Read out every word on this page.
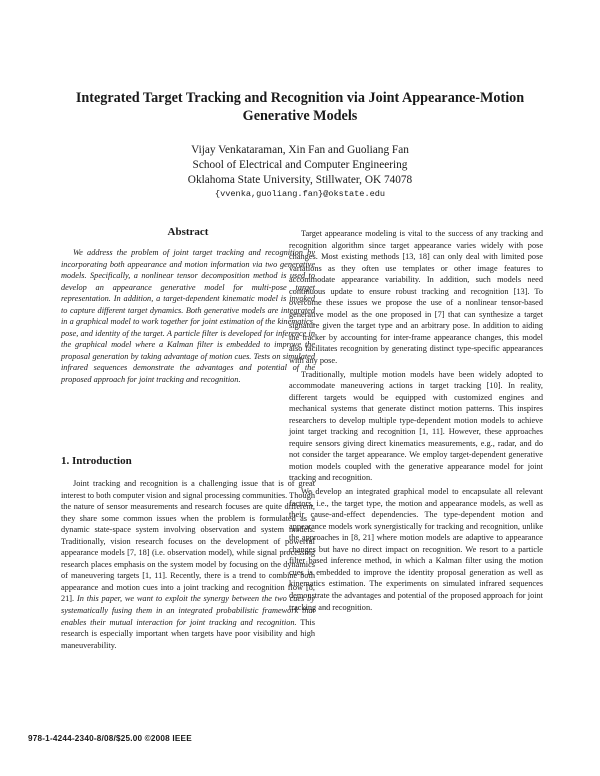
Integrated Target Tracking and Recognition via Joint Appearance-Motion
Generative Models
Vijay Venkataraman, Xin Fan and Guoliang Fan
School of Electrical and Computer Engineering
Oklahoma State University, Stillwater, OK 74078
{vvenka,guoliang.fan}@okstate.edu
Abstract

We address the problem of joint target tracking and recognition by incorporating both appearance and motion information via two generative models. Specifically, a nonlinear tensor decomposition method is used to develop an appearance generative model for multi-pose target representation. In addition, a target-dependent kinematic model is invoked to capture different target dynamics. Both generative models are integrated in a graphical model to work together for joint estimation of the kinematics, pose, and identity of the target. A particle filter is developed for inference in the graphical model where a Kalman filter is embedded to improve the proposal generation by taking advantage of motion cues. Tests on simulated infrared sequences demonstrate the advantages and potential of the proposed approach for joint tracking and recognition.

1. Introduction

Joint tracking and recognition is a challenging issue that is of great interest to both computer vision and signal processing communities. Though the nature of sensor measurements and research focuses are quite different, they share some common issues when the problem is formulated as a dynamic state-space system involving observation and system models. Traditionally, vision research focuses on the development of powerful appearance models [7, 18] (i.e. observation model), while signal processing research places emphasis on the system model by focusing on the dynamics of maneuvering targets [1, 11]. Recently, there is a trend to combine both appearance and motion cues into a joint tracking and recognition flow [8, 21]. In this paper, we want to exploit the synergy between the two cues by systematically fusing them in an integrated probabilistic framework that enables their mutual interaction for joint tracking and recognition. This research is especially important when targets have poor visibility and high maneuverability.

Target appearance modeling is vital to the success of any tracking and recognition algorithm since target appearance varies widely with pose changes. Most existing methods [13, 18] can only deal with limited pose variations as they often use templates or other image features to accommodate appearance variability. In addition, such models need continuous update to ensure robust tracking and recognition [13]. To overcome these issues we propose the use of a nonlinear tensor-based generative model as the one proposed in [7] that can synthesize a target signature given the target type and an arbitrary pose. In addition to aiding the tracker by accounting for inter-frame appearance changes, this model also facilitates recognition by generating distinct type-specific appearances with any pose.

Traditionally, multiple motion models have been widely adopted to accommodate maneuvering actions in target tracking [10]. In reality, different targets would be equipped with customized engines and mechanical systems that generate distinct motion patterns. This inspires researchers to develop multiple type-dependent motion models to achieve joint target tracking and recognition [1, 11]. However, these approaches require sensors giving direct kinematics measurements, e.g., radar, and do not consider the target appearance. We employ target-dependent generative motion models coupled with the generative appearance model for joint tracking and recognition.

We develop an integrated graphical model to encapsulate all relevant factors, i.e., the target type, the motion and appearance models, as well as their cause-and-effect dependencies. The type-dependent motion and appearance models work synergistically for tracking and recognition, unlike the approaches in [8, 21] where motion models are adaptive to appearance changes but have no direct impact on recognition. We resort to a particle filter based inference method, in which a Kalman filter using the motion cues is embedded to improve the identity proposal generation as well as kinematics estimation. The experiments on simulated infrared sequences demonstrate the advantages and potential of the proposed approach for joint tracking and recognition.

978-1-4244-2340-8/08/$25.00 ©2008 IEEE
